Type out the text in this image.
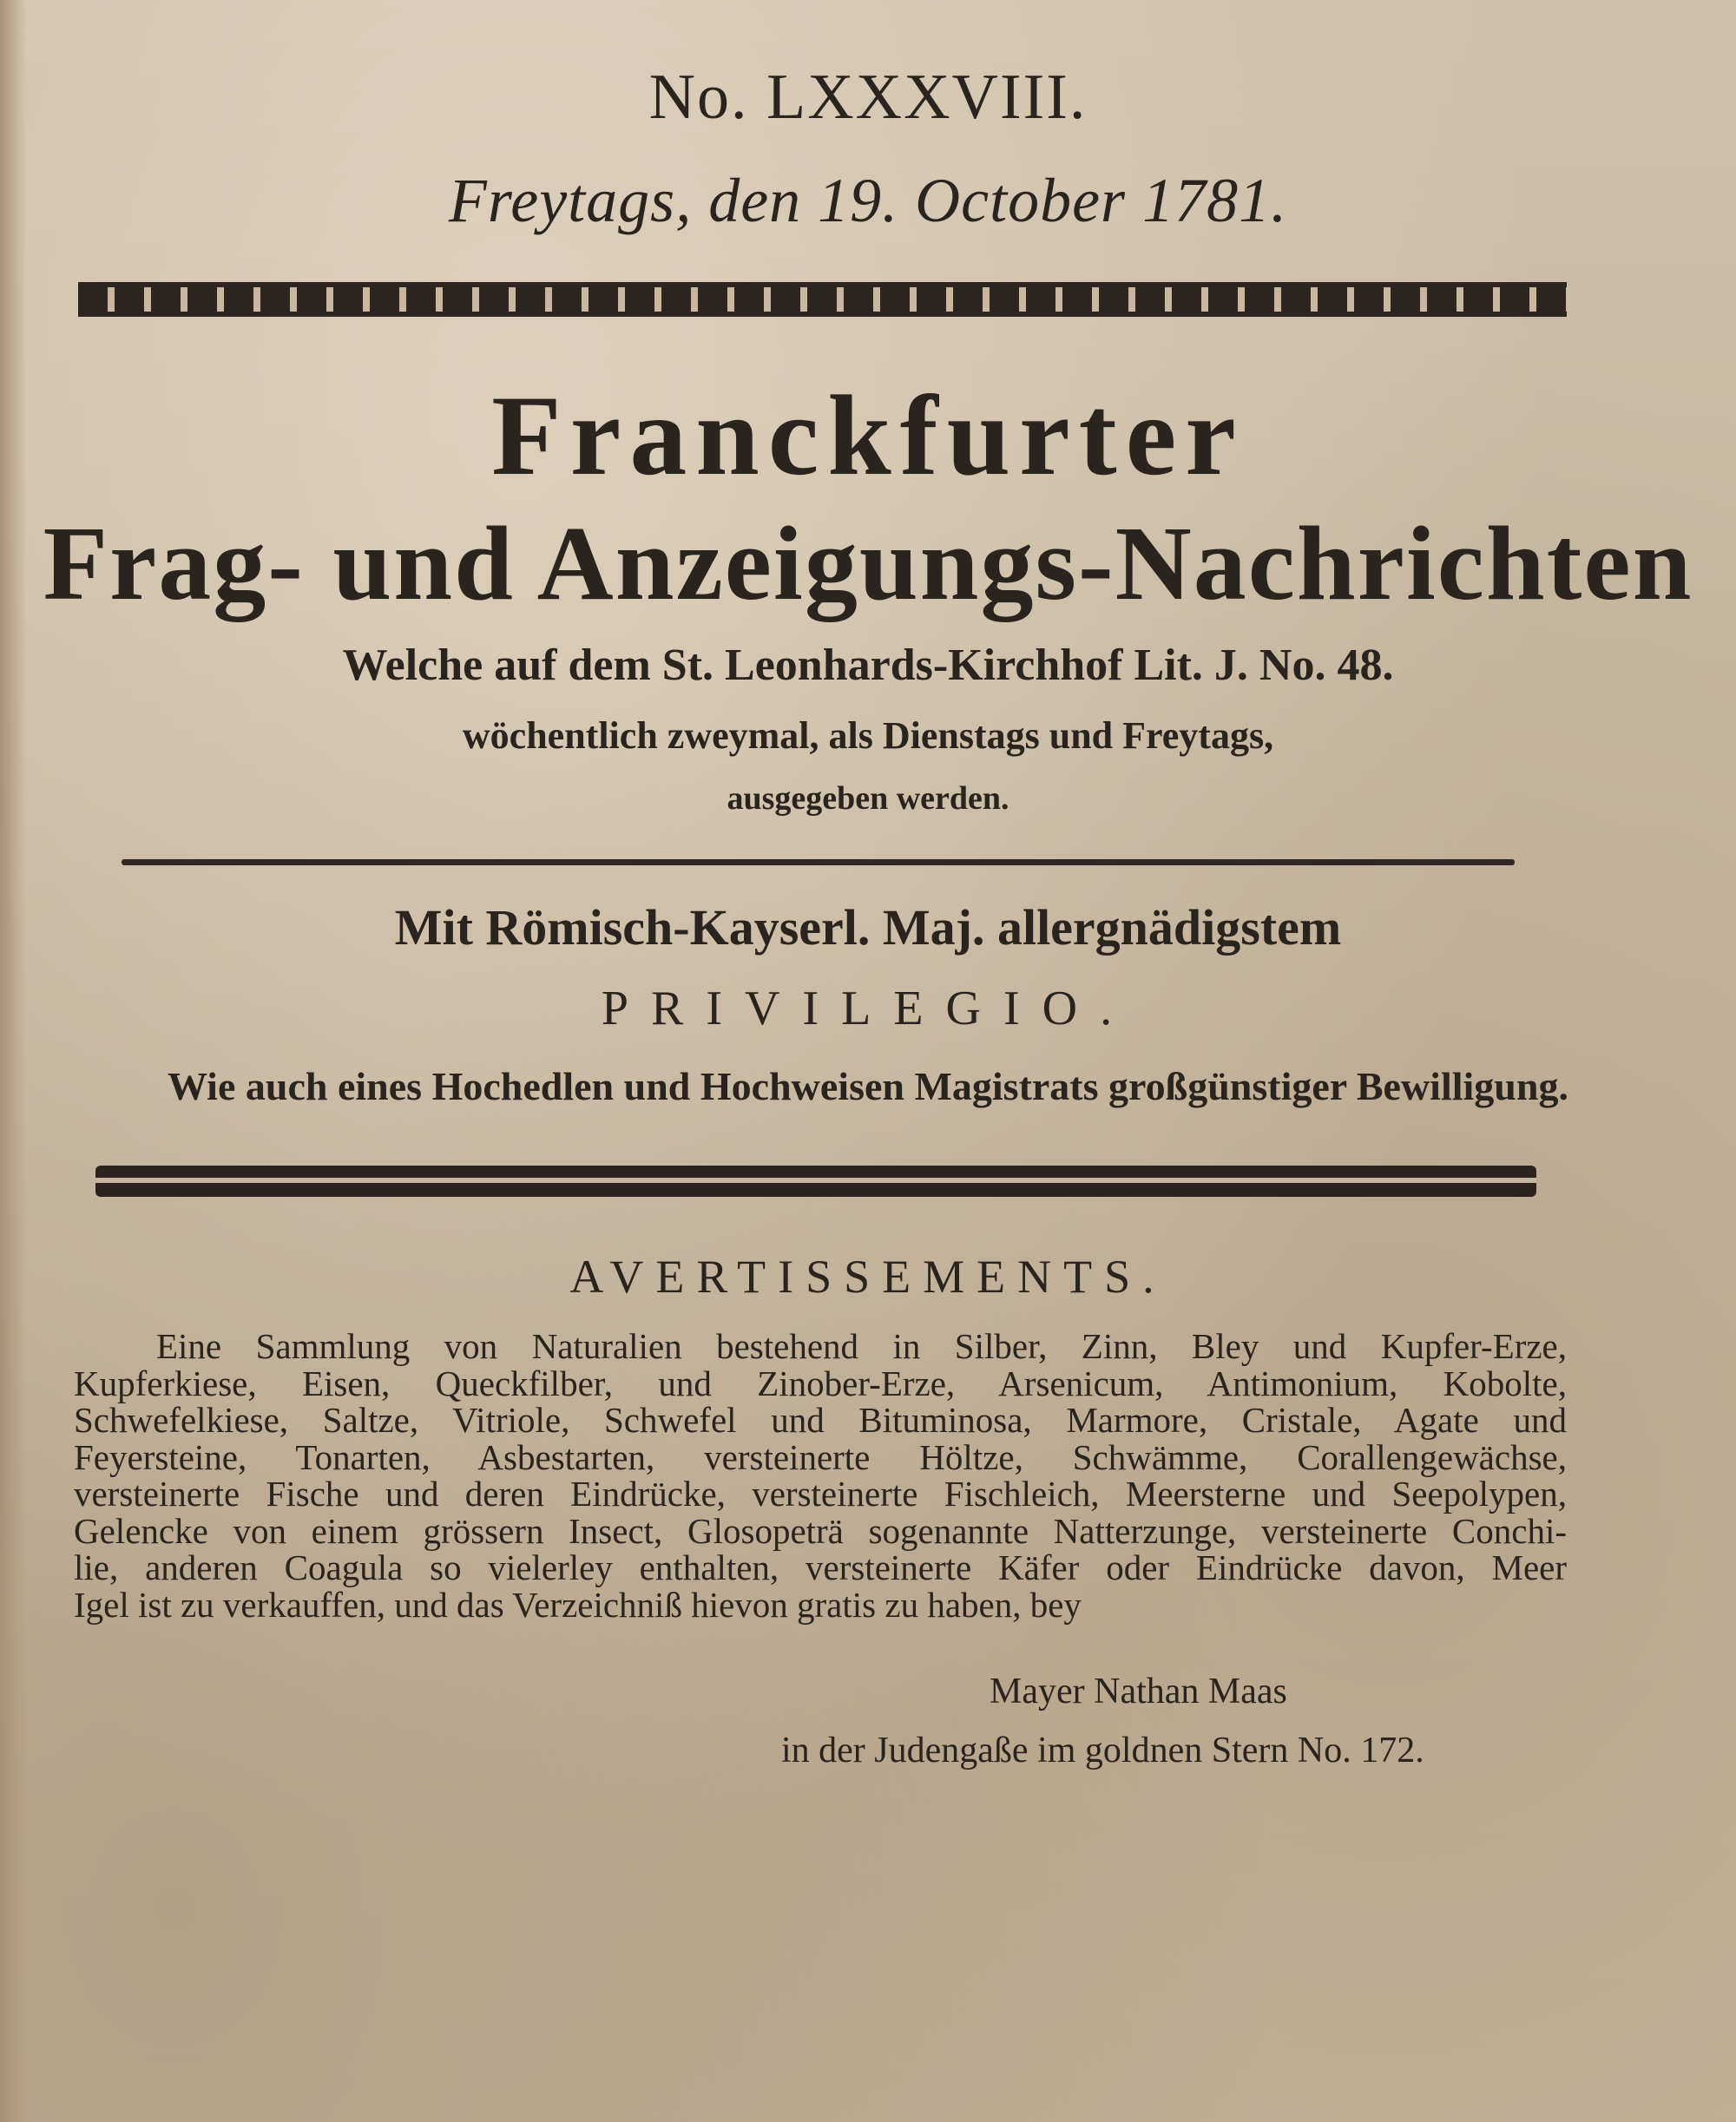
No. LXXXVIII.
Freytags, den 19. October 1781.
Franckfurter
Frag- und Anzeigungs-Nachrichten
Welche auf dem St. Leonhards-Kirchhof Lit. J. No. 48.
wöchentlich zweymal, als Dienstags und Freytags,
ausgegeben werden.
Mit Römisch-Kayserl. Maj. allergnädigstem
PRIVILEGIO.
Wie auch eines Hochedlen und Hochweisen Magistrats großgünstiger Bewilligung.
AVERTISSEMENTS.
Eine Sammlung von Naturalien bestehend in Silber, Zinn, Bley und Kupfer-Erze,
Kupferkiese, Eisen, Queckfilber, und Zinober-Erze, Arsenicum, Antimonium, Kobolte,
Schwefelkiese, Saltze, Vitriole, Schwefel und Bituminosa, Marmore, Cristale, Agate und
Feyersteine, Tonarten, Asbestarten, versteinerte Höltze, Schwämme, Corallengewächse,
versteinerte Fische und deren Eindrücke, versteinerte Fischleich, Meersterne und Seepolypen,
Gelencke von einem grössern Insect, Glosopeträ sogenannte Natterzunge, versteinerte Conchi-
lie, anderen Coagula so vielerley enthalten, versteinerte Käfer oder Eindrücke davon, Meer
Igel ist zu verkauffen, und das Verzeichniß hievon gratis zu haben, bey
Mayer Nathan Maas
in der Judengaße im goldnen Stern No. 172.
